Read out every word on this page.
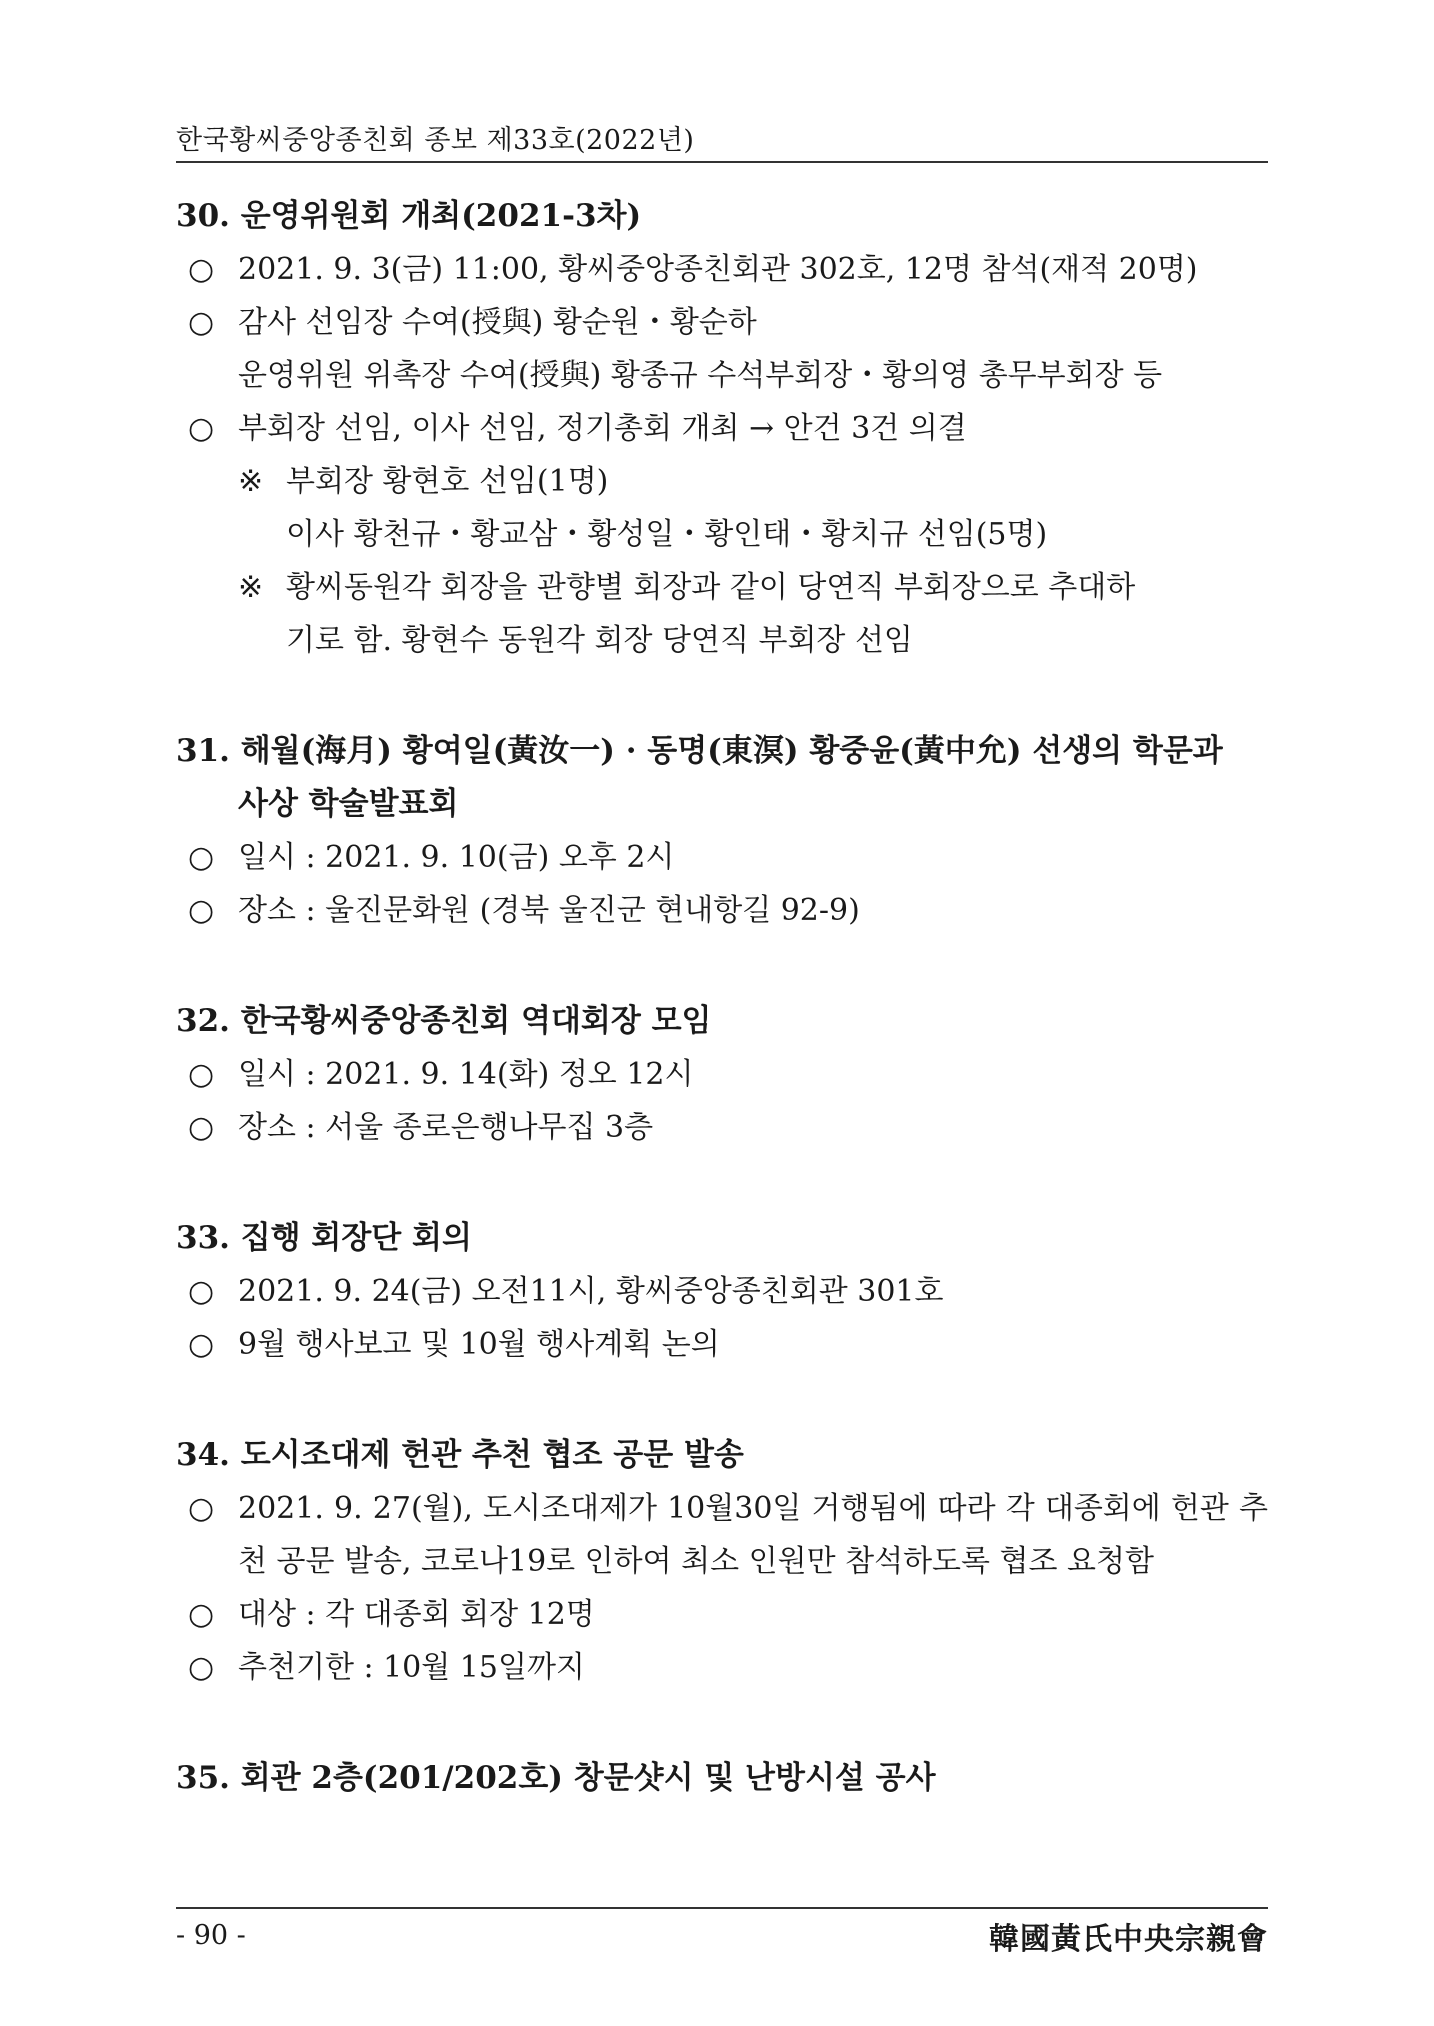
한국황씨중앙종친회 종보 제33호(2022년)
30. 운영위원회 개최(2021-3차)
○ 2021. 9. 3(금) 11:00, 황씨중앙종친회관 302호, 12명 참석(재적 20명)
○ 감사 선임장 수여(授與) 황순원・황순하
운영위원 위촉장 수여(授與) 황종규 수석부회장・황의영 총무부회장 등
○ 부회장 선임, 이사 선임, 정기총회 개최 → 안건 3건 의결
※ 부회장 황현호 선임(1명)
이사 황천규・황교삼・황성일・황인태・황치규 선임(5명)
※ 황씨동원각 회장을 관향별 회장과 같이 당연직 부회장으로 추대하
기로 함. 황현수 동원각 회장 당연직 부회장 선임
31. 해월(海月) 황여일(黃汝一) · 동명(東溟) 황중윤(黃中允) 선생의 학문과
사상 학술발표회
○ 일시 : 2021. 9. 10(금) 오후 2시
○ 장소 : 울진문화원 (경북 울진군 현내항길 92-9)
32. 한국황씨중앙종친회 역대회장 모임
○ 일시 : 2021. 9. 14(화) 정오 12시
○ 장소 : 서울 종로은행나무집 3층
33. 집행 회장단 회의
○ 2021. 9. 24(금) 오전11시, 황씨중앙종친회관 301호
○ 9월 행사보고 및 10월 행사계획 논의
34. 도시조대제 헌관 추천 협조 공문 발송
○ 2021. 9. 27(월), 도시조대제가 10월30일 거행됨에 따라 각 대종회에 헌관 추천 공문 발송, 코로나19로 인하여 최소 인원만 참석하도록 협조 요청함
○ 대상 : 각 대종회 회장 12명
○ 추천기한 : 10월 15일까지
35. 회관 2층(201/202호) 창문샷시 및 난방시설 공사
- 90 -	韓國黃氏中央宗親會
